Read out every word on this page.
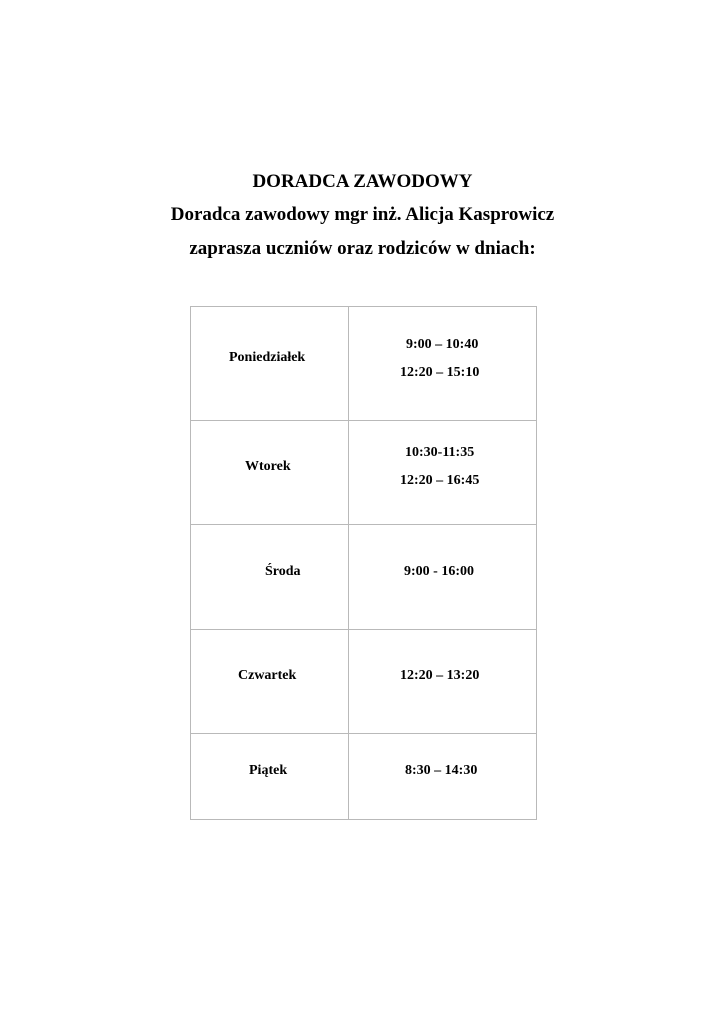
DORADCA ZAWODOWY
Doradca zawodowy mgr inż. Alicja Kasprowicz
zaprasza uczniów oraz rodziców w dniach:
Poniedziałek	9:00 – 10:40
12:20 – 15:10

Wtorek	10:30-11:35
12:20 – 16:45

Środa	9:00 - 16:00

Czwartek	12:20 – 13:20

Piątek	8:30 – 14:30
